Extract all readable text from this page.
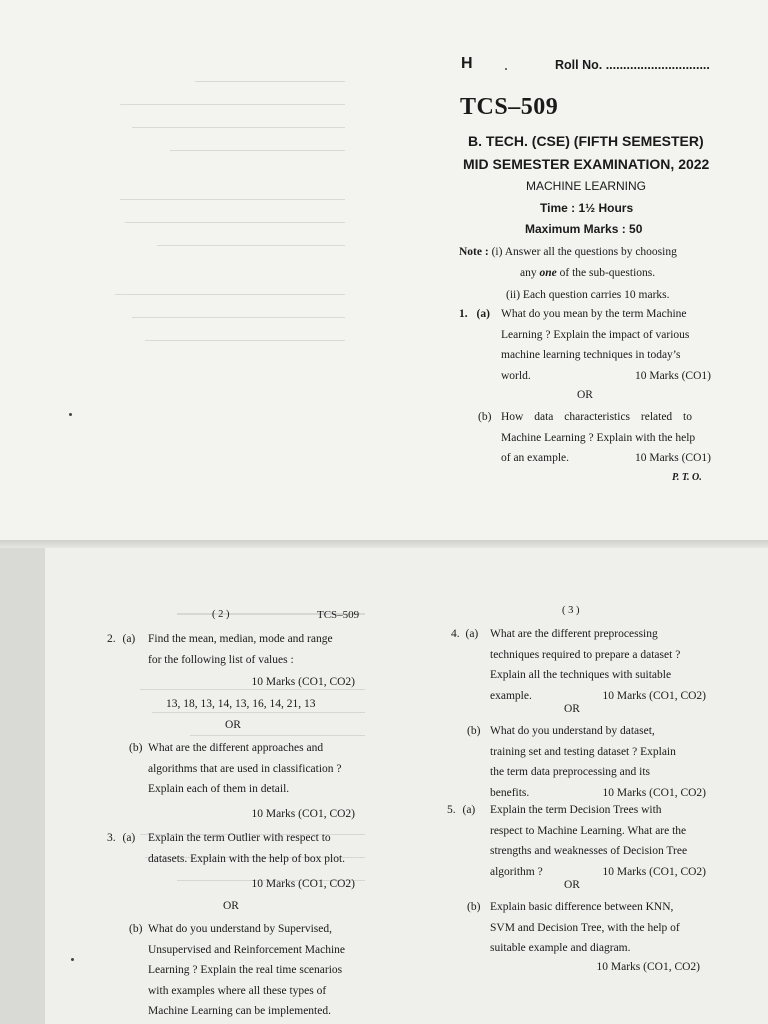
H	Roll No. ..............................
TCS–509
B. TECH. (CSE) (FIFTH SEMESTER)
MID SEMESTER EXAMINATION, 2022
MACHINE LEARNING
Time : 1½ Hours
Maximum Marks : 50
Note : (i) Answer all the questions by choosing
any one of the sub-questions.
(ii) Each question carries 10 marks.
1. (a) What do you mean by the term Machine
Learning ? Explain the impact of various
machine learning techniques in today’s
world.	10 Marks (CO1)
OR
(b) How data characteristics related to
Machine Learning ? Explain with the help
of an example.	10 Marks (CO1)
P. T. O.
( 2 )	TCS–509
2. (a) Find the mean, median, mode and range
for the following list of values :
10 Marks (CO1, CO2)
13, 18, 13, 14, 13, 16, 14, 21, 13
OR
(b) What are the different approaches and
algorithms that are used in classification ?
Explain each of them in detail.
10 Marks (CO1, CO2)
3. (a) Explain the term Outlier with respect to
datasets. Explain with the help of box plot.
10 Marks (CO1, CO2)
OR
(b) What do you understand by Supervised,
Unsupervised and Reinforcement Machine
Learning ? Explain the real time scenarios
with examples where all these types of
Machine Learning can be implemented.
( 3 )
4. (a) What are the different preprocessing
techniques required to prepare a dataset ?
Explain all the techniques with suitable
example.	10 Marks (CO1, CO2)
OR
(b) What do you understand by dataset,
training set and testing dataset ? Explain
the term data preprocessing and its
benefits.	10 Marks (CO1, CO2)
5. (a) Explain the term Decision Trees with
respect to Machine Learning. What are the
strengths and weaknesses of Decision Tree
algorithm ?	10 Marks (CO1, CO2)
OR
(b) Explain basic difference between KNN,
SVM and Decision Tree, with the help of
suitable example and diagram.
10 Marks (CO1, CO2)
